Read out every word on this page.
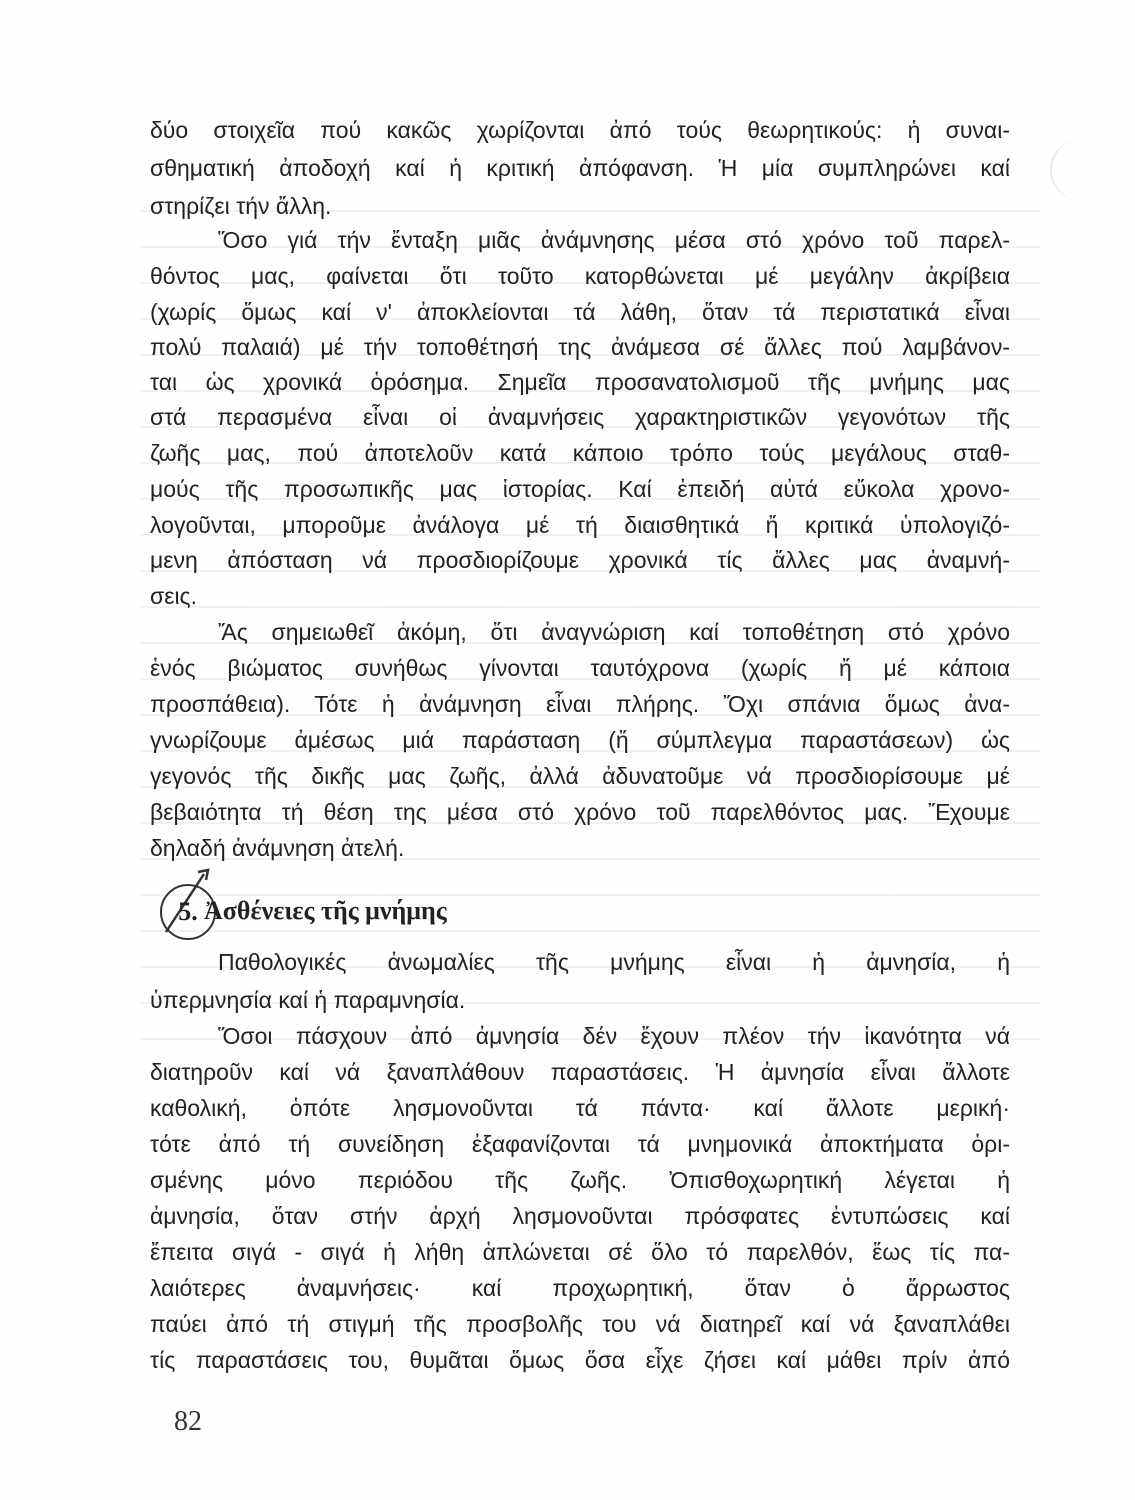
δύο στοιχεῖα πού κακῶς χωρίζονται ἀπό τούς θεωρητικούς: ἡ συναι-
σθηματική ἀποδοχή καί ἡ κριτική ἀπόφανση. Ἡ μία συμπληρώνει καί
στηρίζει τήν ἄλλη.
Ὅσο γιά τήν ἔνταξη μιᾶς ἀνάμνησης μέσα στό χρόνο τοῦ παρελ-
θόντος μας, φαίνεται ὅτι τοῦτο κατορθώνεται μέ μεγάλην ἀκρίβεια
(χωρίς ὅμως καί ν' ἀποκλείονται τά λάθη, ὅταν τά περιστατικά εἶναι
πολύ παλαιά) μέ τήν τοποθέτησή της ἀνάμεσα σέ ἄλλες πού λαμβάνον-
ται ὡς χρονικά ὁρόσημα. Σημεῖα προσανατολισμοῦ τῆς μνήμης μας
στά περασμένα εἶναι οἱ ἀναμνήσεις χαρακτηριστικῶν γεγονότων τῆς
ζωῆς μας, πού ἀποτελοῦν κατά κάποιο τρόπο τούς μεγάλους σταθ-
μούς τῆς προσωπικῆς μας ἱστορίας. Καί ἐπειδή αὐτά εὔκολα χρονο-
λογοῦνται, μποροῦμε ἀνάλογα μέ τή διαισθητικά ἤ κριτικά ὑπολογιζό-
μενη ἀπόσταση νά προσδιορίζουμε χρονικά τίς ἄλλες μας ἀναμνή-
σεις.
Ἄς σημειωθεῖ ἀκόμη, ὅτι ἀναγνώριση καί τοποθέτηση στό χρόνο
ἑνός βιώματος συνήθως γίνονται ταυτόχρονα (χωρίς ἤ μέ κάποια
προσπάθεια). Τότε ἡ ἀνάμνηση εἶναι πλήρης. Ὄχι σπάνια ὅμως ἀνα-
γνωρίζουμε ἀμέσως μιά παράσταση (ἤ σύμπλεγμα παραστάσεων) ὡς
γεγονός τῆς δικῆς μας ζωῆς, ἀλλά ἀδυνατοῦμε νά προσδιορίσουμε μέ
βεβαιότητα τή θέση της μέσα στό χρόνο τοῦ παρελθόντος μας. Ἔχουμε
δηλαδή ἀνάμνηση ἀτελή.
5. Ἀσθένειες τῆς μνήμης
Παθολογικές ἀνωμαλίες τῆς μνήμης εἶναι ἡ ἀμνησία, ἡ
ὑπερμνησία καί ἡ παραμνησία.
Ὅσοι πάσχουν ἀπό ἀμνησία δέν ἔχουν πλέον τήν ἱκανότητα νά
διατηροῦν καί νά ξαναπλάθουν παραστάσεις. Ἡ ἀμνησία εἶναι ἄλλοτε
καθολική, ὁπότε λησμονοῦνται τά πάντα· καί ἄλλοτε μερική·
τότε ἀπό τή συνείδηση ἐξαφανίζονται τά μνημονικά ἀποκτήματα ὁρι-
σμένης μόνο περιόδου τῆς ζωῆς. Ὀπισθοχωρητική λέγεται ἡ
ἀμνησία, ὅταν στήν ἀρχή λησμονοῦνται πρόσφατες ἐντυπώσεις καί
ἔπειτα σιγά - σιγά ἡ λήθη ἁπλώνεται σέ ὅλο τό παρελθόν, ἕως τίς πα-
λαιότερες ἀναμνήσεις· καί προχωρητική, ὅταν ὁ ἄρρωστος
παύει ἀπό τή στιγμή τῆς προσβολῆς του νά διατηρεῖ καί νά ξαναπλάθει
τίς παραστάσεις του, θυμᾶται ὅμως ὅσα εἶχε ζήσει καί μάθει πρίν ἀπό
82
